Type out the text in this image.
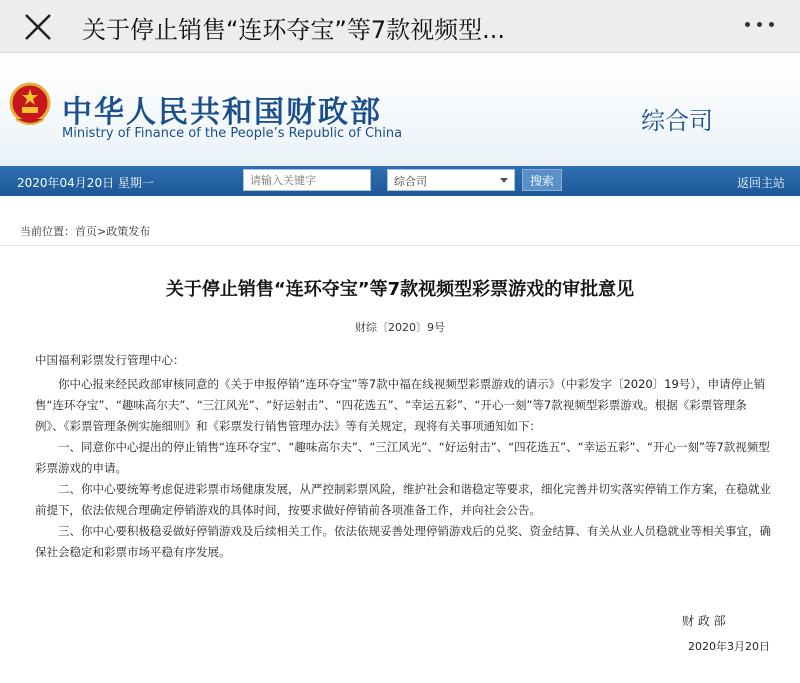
关于停止销售“连环夺宝”等7款视频型...
中华人民共和国财政部
Ministry of Finance of the People’s Republic of China	综合司
2020年04月20日 星期一
请输入关键字	综合司	搜索	返回主站
当前位置：首页>政策发布
关于停止销售“连环夺宝”等7款视频型彩票游戏的审批意见
财综〔2020〕9号

中国福利彩票发行管理中心：

你中心报来经民政部审核同意的《关于申报停销“连环夺宝”等7款中福在线视频型彩票游戏的请示》（中彩发字〔2020〕19号），申请停止销售“连环夺宝”、“趣味高尔夫”、“三江风光”、“好运射击”、“四花选五”、“幸运五彩”、“开心一刻”等7款视频型彩票游戏。根据《彩票管理条例》、《彩票管理条例实施细则》和《彩票发行销售管理办法》等有关规定，现将有关事项通知如下：

一、同意你中心提出的停止销售“连环夺宝”、“趣味高尔夫”、“三江风光”、“好运射击”、“四花选五”、“幸运五彩”、“开心一刻”等7款视频型彩票游戏的申请。

二、你中心要统筹考虑促进彩票市场健康发展，从严控制彩票风险，维护社会和谐稳定等要求，细化完善并切实落实停销工作方案，在稳就业前提下，依法依规合理确定停销游戏的具体时间，按要求做好停销前各项准备工作，并向社会公告。

三、你中心要积极稳妥做好停销游戏及后续相关工作。依法依规妥善处理停销游戏后的兑奖、资金结算、有关从业人员稳就业等相关事宜，确保社会稳定和彩票市场平稳有序发展。

财 政 部
2020年3月20日
